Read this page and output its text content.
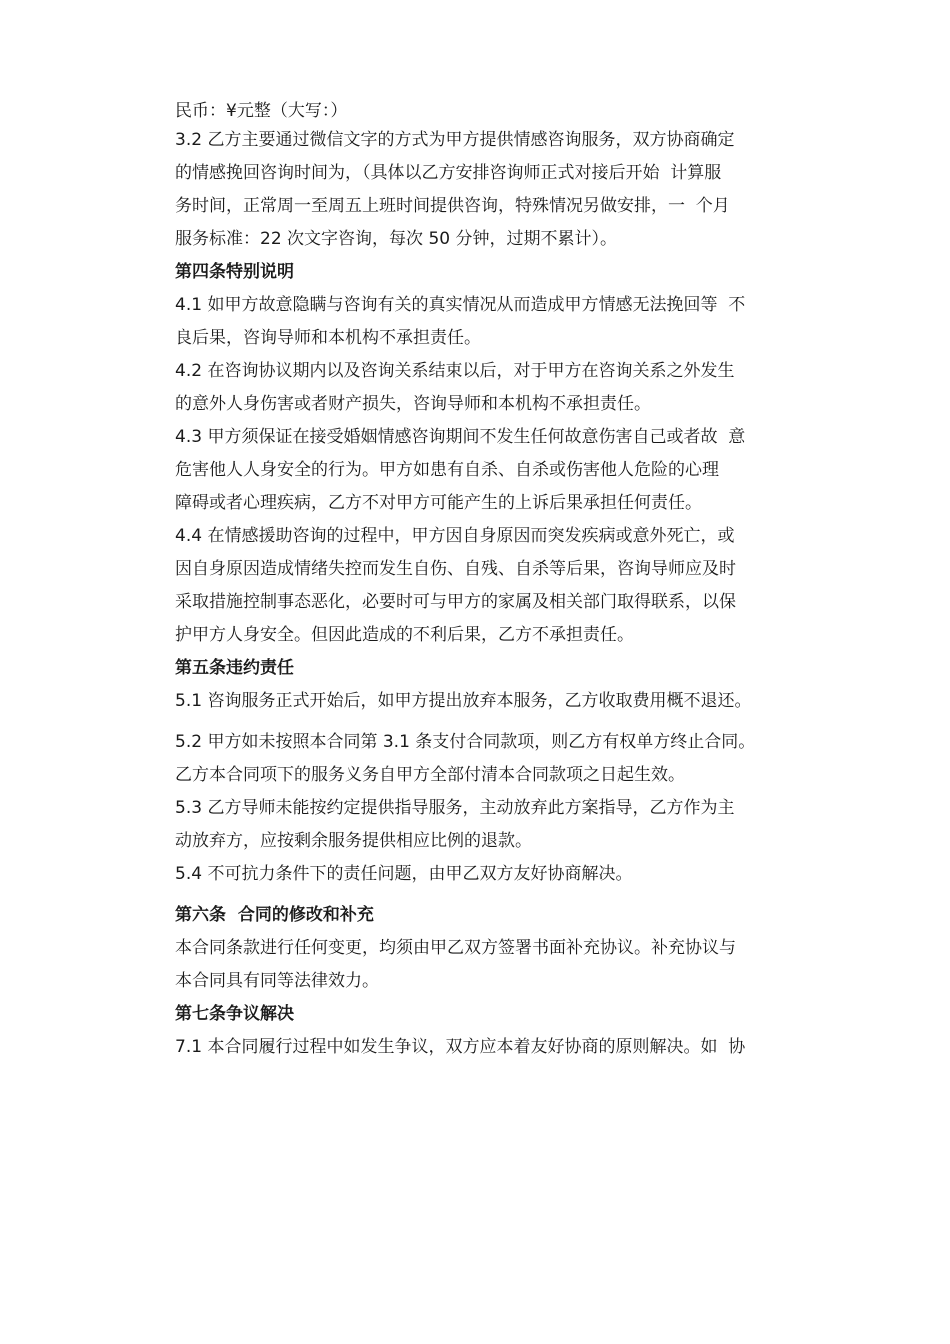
民币：¥元整（大写：）
3.2 乙方主要通过微信文字的方式为甲方提供情感咨询服务，双方协商确定
的情感挽回咨询时间为，（具体以乙方安排咨询师正式对接后开始  计算服
务时间，正常周一至周五上班时间提供咨询，特殊情况另做安排，一  个月
服务标准：22 次文字咨询，每次 50 分钟，过期不累计）。
第四条特别说明
4.1 如甲方故意隐瞒与咨询有关的真实情况从而造成甲方情感无法挽回等  不
良后果，咨询导师和本机构不承担责任。
4.2 在咨询协议期内以及咨询关系结束以后，对于甲方在咨询关系之外发生
的意外人身伤害或者财产损失，咨询导师和本机构不承担责任。
4.3 甲方须保证在接受婚姻情感咨询期间不发生任何故意伤害自己或者故  意
危害他人人身安全的行为。甲方如患有自杀、自杀或伤害他人危险的心理
障碍或者心理疾病，乙方不对甲方可能产生的上诉后果承担任何责任。
4.4 在情感援助咨询的过程中，甲方因自身原因而突发疾病或意外死亡，或
因自身原因造成情绪失控而发生自伤、自残、自杀等后果，咨询导师应及时
采取措施控制事态恶化，必要时可与甲方的家属及相关部门取得联系，以保
护甲方人身安全。但因此造成的不利后果，乙方不承担责任。
第五条违约责任
5.1 咨询服务正式开始后，如甲方提出放弃本服务，乙方收取费用概不退还。
5.2 甲方如未按照本合同第 3.1 条支付合同款项，则乙方有权单方终止合同。
乙方本合同项下的服务义务自甲方全部付清本合同款项之日起生效。
5.3 乙方导师未能按约定提供指导服务，主动放弃此方案指导，乙方作为主
动放弃方，应按剩余服务提供相应比例的退款。
5.4 不可抗力条件下的责任问题，由甲乙双方友好协商解决。
第六条  合同的修改和补充
本合同条款进行任何变更，均须由甲乙双方签署书面补充协议。补充协议与
本合同具有同等法律效力。
第七条争议解决
7.1 本合同履行过程中如发生争议，双方应本着友好协商的原则解决。如  协
